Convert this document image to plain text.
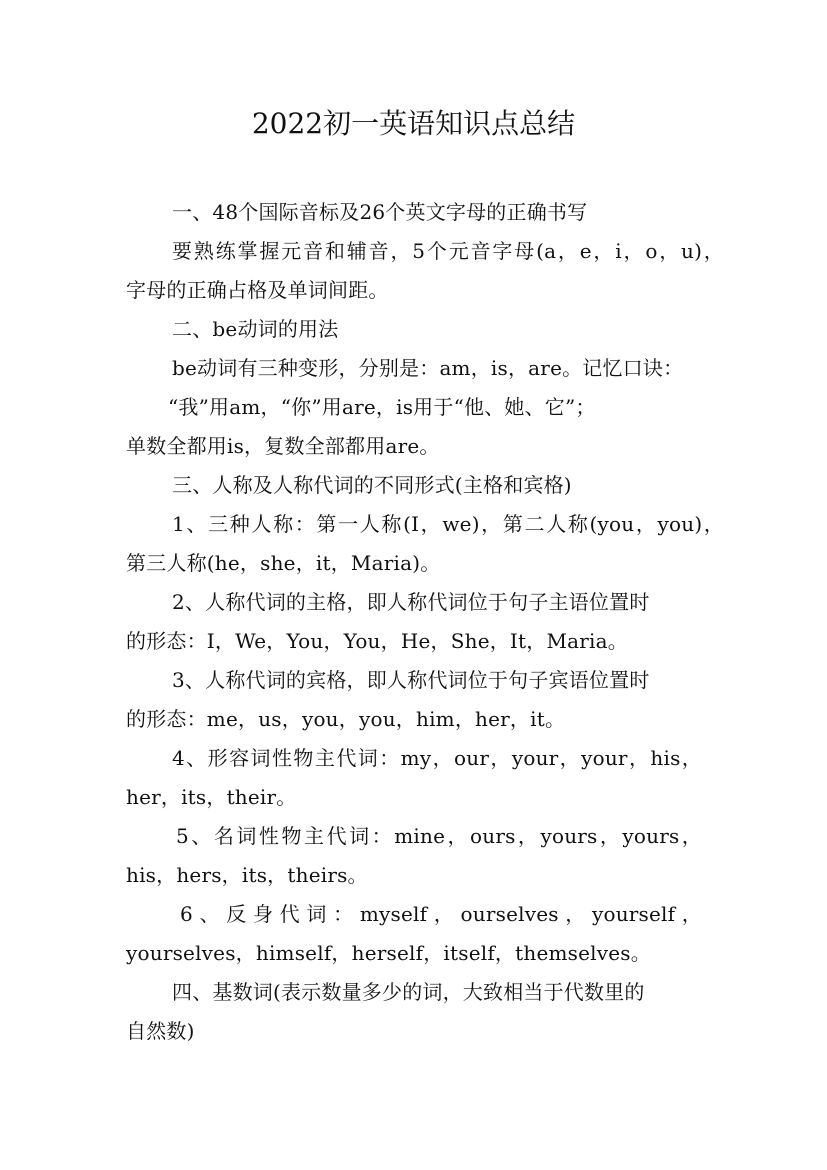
2022初一英语知识点总结
一、48个国际音标及26个英文字母的正确书写
要熟练掌握元音和辅音，5个元音字母(a，e，i，o，u)，
字母的正确占格及单词间距。
二、be动词的用法
be动词有三种变形，分别是：am，is，are。记忆口诀：
“我”用am，“你”用are，is用于“他、她、它”；
单数全都用is，复数全部都用are。
三、人称及人称代词的不同形式(主格和宾格)
1、三种人称：第一人称(I，we)，第二人称(you，you)，
第三人称(he，she，it，Maria)。
2、人称代词的主格，即人称代词位于句子主语位置时
的形态：I，We，You，You，He，She，It，Maria。
3、人称代词的宾格，即人称代词位于句子宾语位置时
的形态：me，us，you，you，him，her，it。
4、形容词性物主代词：my，our，your，your，his，
her，its，their。
5、名词性物主代词：mine，ours，yours，yours，
his，hers，its，theirs。
6、反身代词：myself，ourselves，yourself，
yourselves，himself，herself，itself，themselves。
四、基数词(表示数量多少的词，大致相当于代数里的
自然数)
